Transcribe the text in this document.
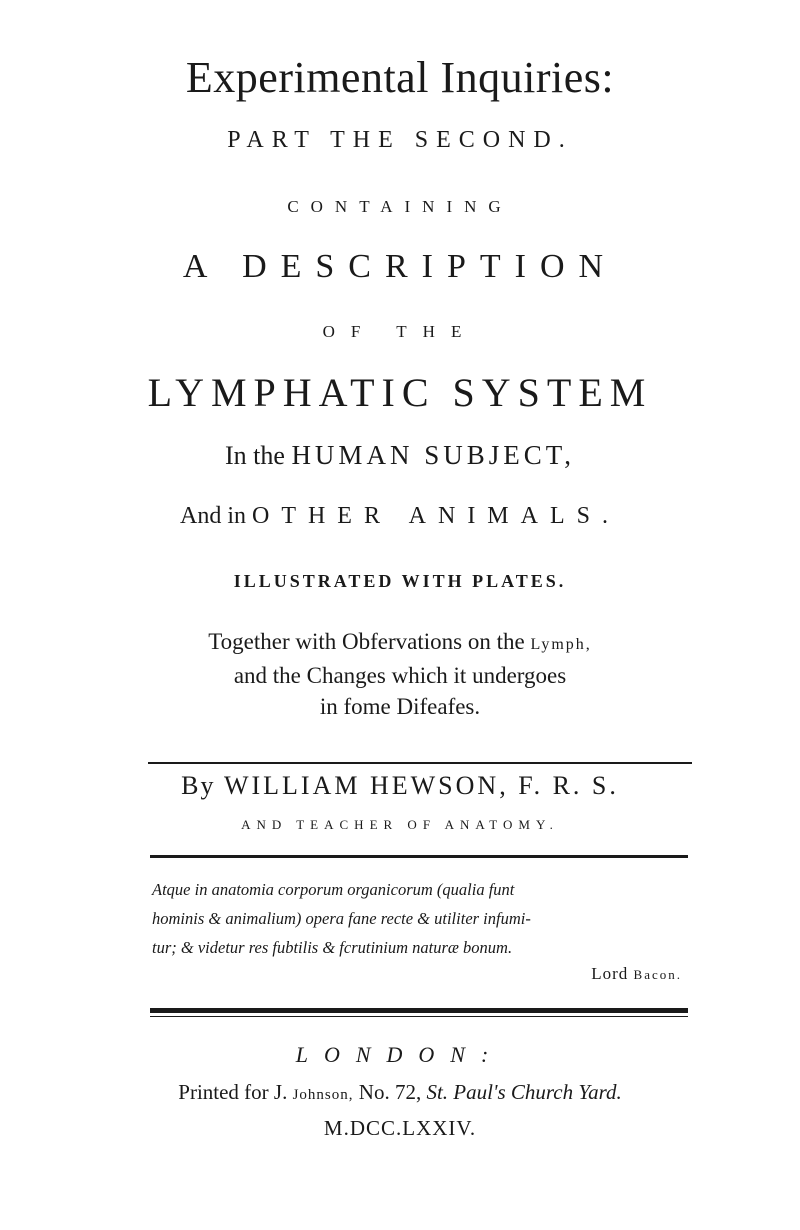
Experimental Inquiries:
PART THE SECOND.
CONTAINING
A DESCRIPTION
OF THE
LYMPHATIC SYSTEM
In the HUMAN SUBJECT,
And in OTHER ANIMALS.
ILLUSTRATED WITH PLATES.
Together with Obfervations on the Lymph,
and the Changes which it undergoes
in fome Difeafes.
By WILLIAM HEWSON, F. R. S.
AND TEACHER OF ANATOMY.
Atque in anatomia corporum organicorum (qualia funt
hominis & animalium) opera fane recte & utiliter infumi-
tur; & videtur res fubtilis & fcrutinium naturæ bonum.
Lord Bacon.
LONDON:
Printed for J. Johnson, No. 72, St. Paul's Church Yard.
M.DCC.LXXIV.
